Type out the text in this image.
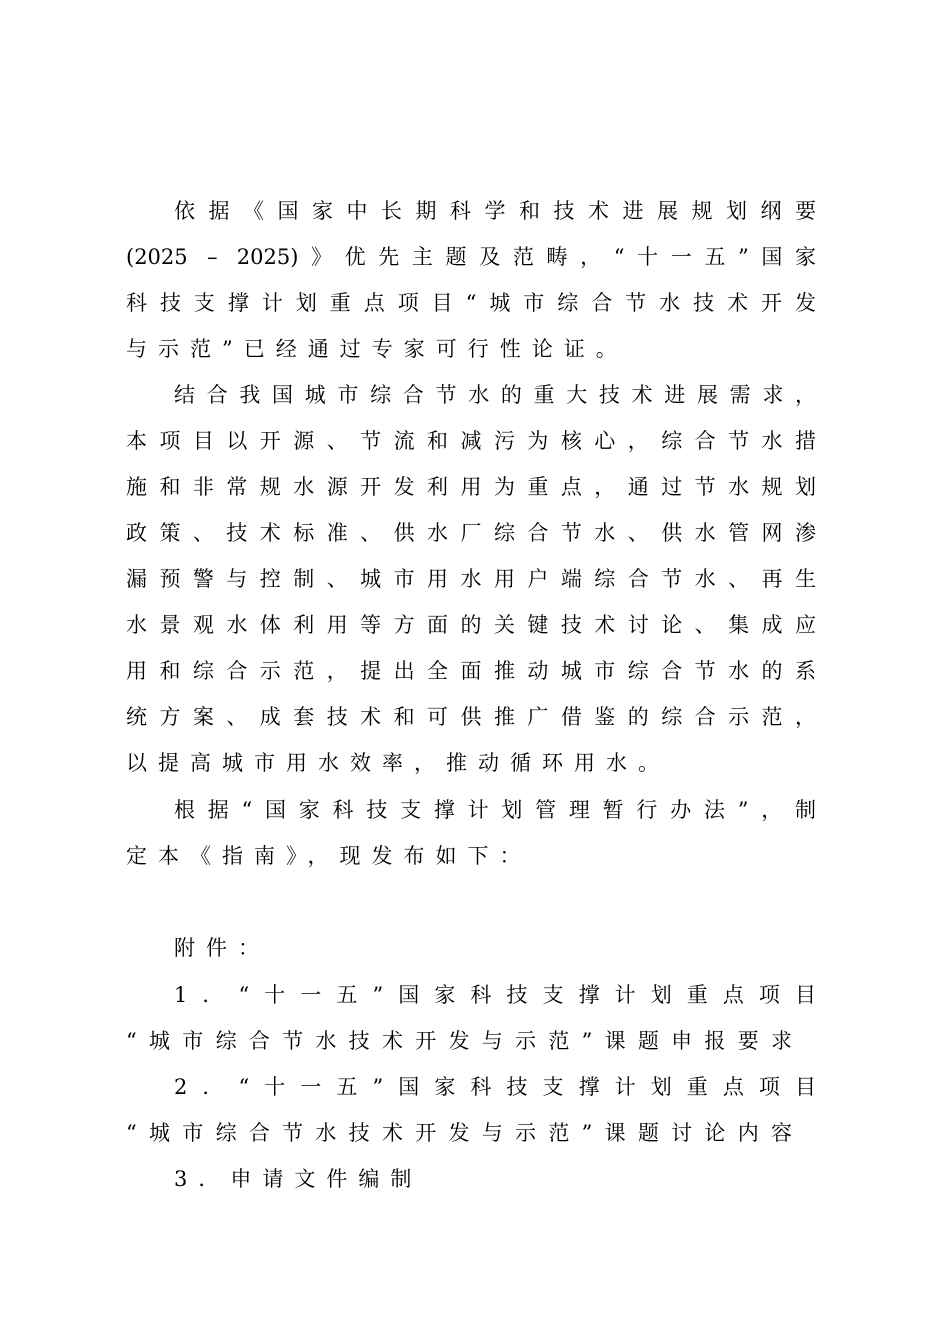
依据《国家中长期科学和技术进展规划纲要
(2025 – 2025)》优先主题及范畴，“十一五”国家
科技支撑计划重点项目“城市综合节水技术开发
与示范”已经通过专家可行性论证。
结合我国城市综合节水的重大技术进展需求，
本项目以开源、节流和减污为核心，综合节水措
施和非常规水源开发利用为重点，通过节水规划
政策、技术标准、供水厂综合节水、供水管网渗
漏预警与控制、城市用水用户端综合节水、再生
水景观水体利用等方面的关键技术讨论、集成应
用和综合示范，提出全面推动城市综合节水的系
统方案、成套技术和可供推广借鉴的综合示范，
以提高城市用水效率，推动循环用水。
根据“国家科技支撑计划管理暂行办法”，制
定本《指南》，现发布如下：
附件：
1．“十一五”国家科技支撑计划重点项目
“城市综合节水技术开发与示范”课题申报要求
2．“十一五”国家科技支撑计划重点项目
“城市综合节水技术开发与示范”课题讨论内容
3．申请文件编制
